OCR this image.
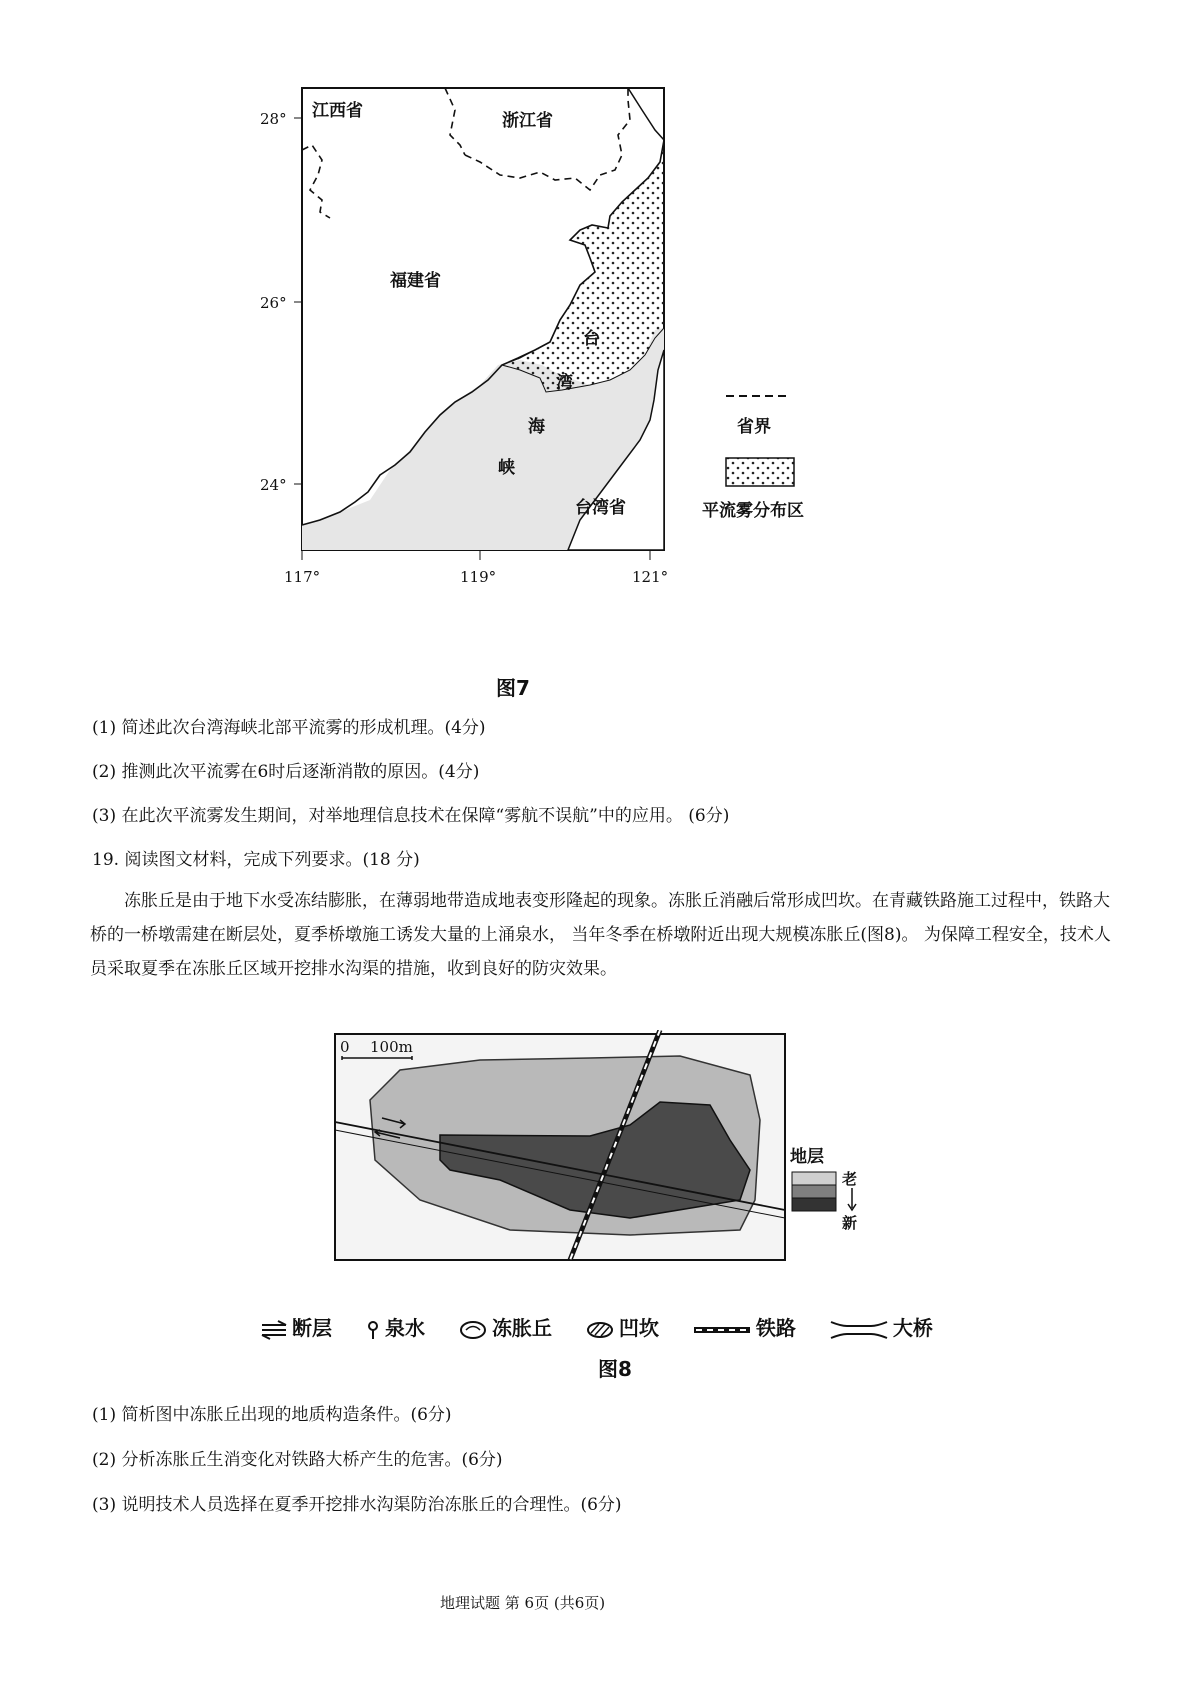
江西省	浙江省
福建省
台湾省
台
湾
海
峡
28°
26°
24°
117°	119°	121°
省界
平流雾分布区
图7
(1) 简述此次台湾海峡北部平流雾的形成机理。(4分)
(2) 推测此次平流雾在6时后逐渐消散的原因。(4分)
(3) 在此次平流雾发生期间，对举地理信息技术在保障“雾航不误航”中的应用。 (6分)
19. 阅读图文材料，完成下列要求。(18 分)
冻胀丘是由于地下水受冻结膨胀，在薄弱地带造成地表变形隆起的现象。冻胀丘消融后常形成凹坎。在青藏铁路施工过程中，铁路大桥的一桥墩需建在断层处，夏季桥墩施工诱发大量的上涌泉水， 当年冬季在桥墩附近出现大规模冻胀丘(图8)。 为保障工程安全，技术人员采取夏季在冻胀丘区域开挖排水沟渠的措施，收到良好的防灾效果。
0 100m
地层
老
新
断层	泉水	冻胀丘	凹坎	铁路	大桥
图8
(1) 简析图中冻胀丘出现的地质构造条件。(6分)
(2) 分析冻胀丘生消变化对铁路大桥产生的危害。(6分)
(3) 说明技术人员选择在夏季开挖排水沟渠防治冻胀丘的合理性。(6分)
地理试题 第 6页 (共6页)
